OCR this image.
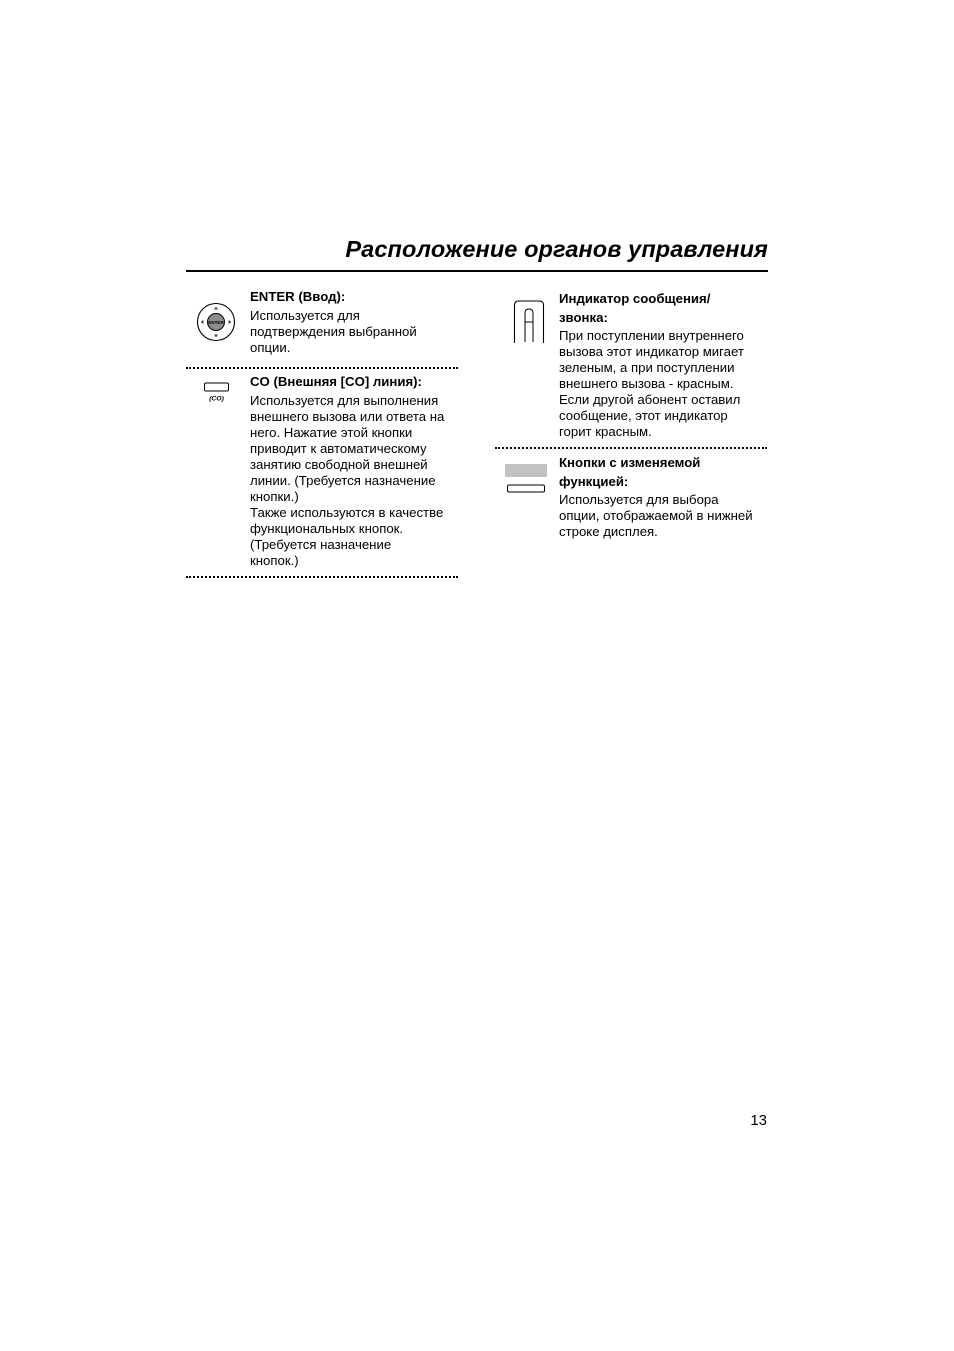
Расположение органов управления
ENTER
ENTER (Ввод):
Используется для
подтверждения выбранной
опции.
(CO)
CO (Внешняя [CO] линия):
Используется для выполнения
внешнего вызова или ответа на
него. Нажатие этой кнопки
приводит к автоматическому
занятию свободной внешней
линии. (Требуется назначение
кнопки.)
Также используются в качестве
функциональных кнопок.
(Требуется назначение
кнопок.)
Индикатор сообщения/
звонка:
При поступлении внутреннего
вызова этот индикатор мигает
зеленым, а при поступлении
внешнего вызова - красным.
Если другой абонент оставил
сообщение, этот индикатор
горит красным.
Кнопки с изменяемой
функцией:
Используется для выбора
опции, отображаемой в нижней
строке дисплея.
13
